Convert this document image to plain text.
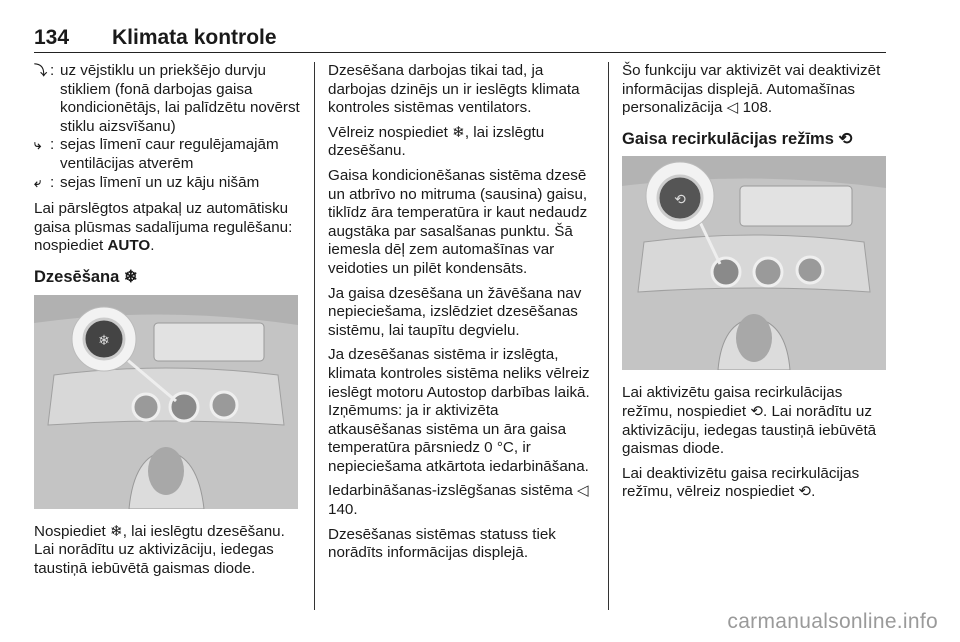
134 Klimata kontrole
⤵ : uz vējstiklu un priekšējo durvju stikliem (fonā darbojas gaisa kondicionētājs, lai palīdzētu novērst stiklu aizsvīšanu)
⤷ : sejas līmenī caur regulējamajām ventilācijas atverēm
⤶ : sejas līmenī un uz kāju nišām

Lai pārslēgtos atpakaļ uz automātisku gaisa plūsmas sadalījuma regulēšanu: nospiediet AUTO.

Dzesēšana ❄
❄

Nospiediet ❄, lai ieslēgtu dzesēšanu. Lai norādītu uz aktivizāciju, iedegas taustiņā iebūvētā gaismas diode.

Dzesēšana darbojas tikai tad, ja darbojas dzinējs un ir ieslēgts klimata kontroles sistēmas ventilators.

Vēlreiz nospiediet ❄, lai izslēgtu dzesēšanu.

Gaisa kondicionēšanas sistēma dzesē un atbrīvo no mitruma (sausina) gaisu, tiklīdz āra temperatūra ir kaut nedaudz augstāka par sasalšanas punktu. Šā iemesla dēļ zem automašīnas var veidoties un pilēt kondensāts.

Ja gaisa dzesēšana un žāvēšana nav nepieciešama, izslēdziet dzesēšanas sistēmu, lai taupītu degvielu.

Ja dzesēšanas sistēma ir izslēgta, klimata kontroles sistēma neliks vēlreiz ieslēgt motoru Autostop darbības laikā. Izņēmums: ja ir aktivizēta atkausēšanas sistēma un āra gaisa temperatūra pārsniedz 0 °C, ir nepieciešama atkārtota iedarbināšana.

Iedarbināšanas-izslēgšanas sistēma ◁ 140.

Dzesēšanas sistēmas statuss tiek norādīts informācijas displejā.

Šo funkciju var aktivizēt vai deaktivizēt informācijas displejā. Automašīnas personalizācija ◁ 108.

Gaisa recirkulācijas režīms ⟲
⟲

Lai aktivizētu gaisa recirkulācijas režīmu, nospiediet ⟲. Lai norādītu uz aktivizāciju, iedegas taustiņā iebūvētā gaismas diode.

Lai deaktivizētu gaisa recirkulācijas režīmu, vēlreiz nospiediet ⟲.

carmanualsonline.info
